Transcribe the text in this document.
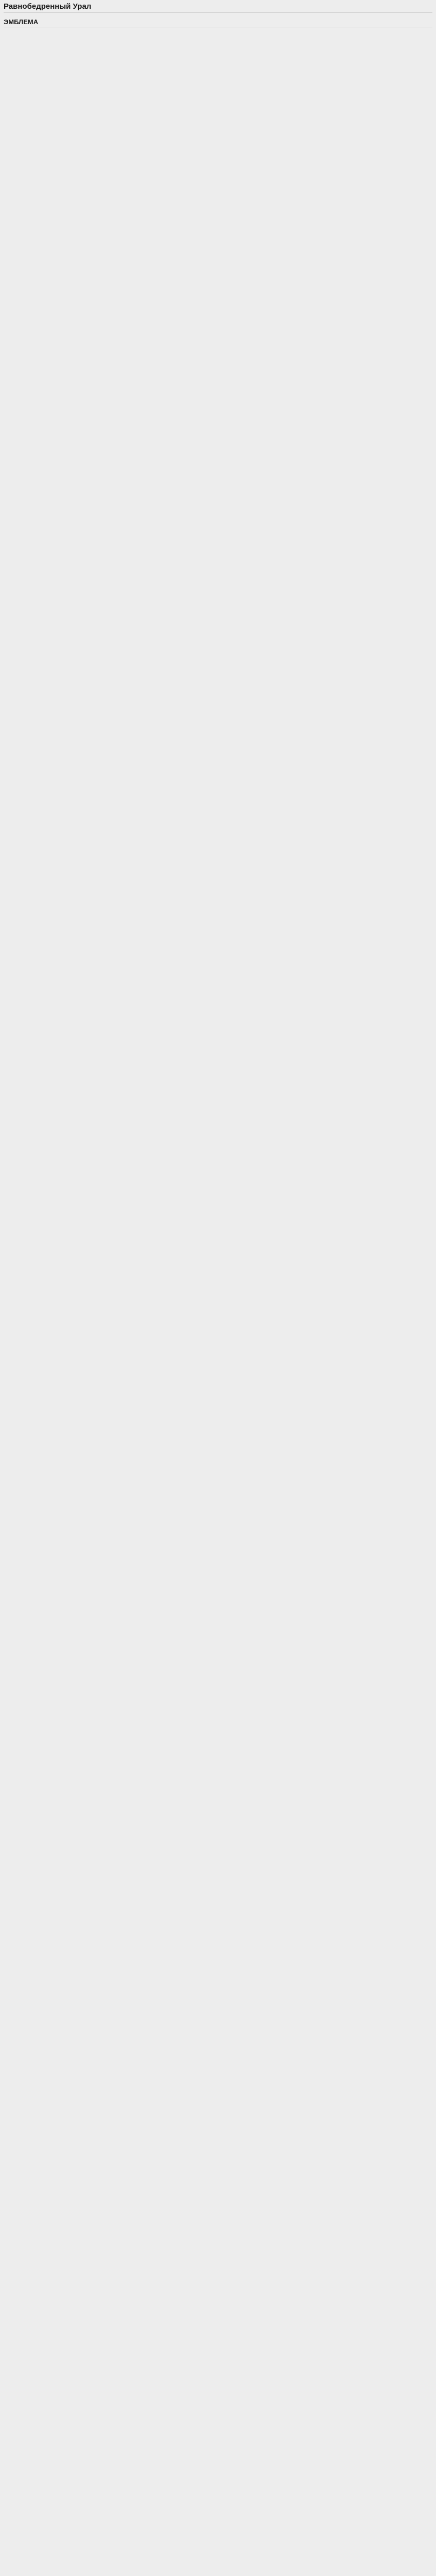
Равнобедренный Урал
ЭМБЛЕМА
